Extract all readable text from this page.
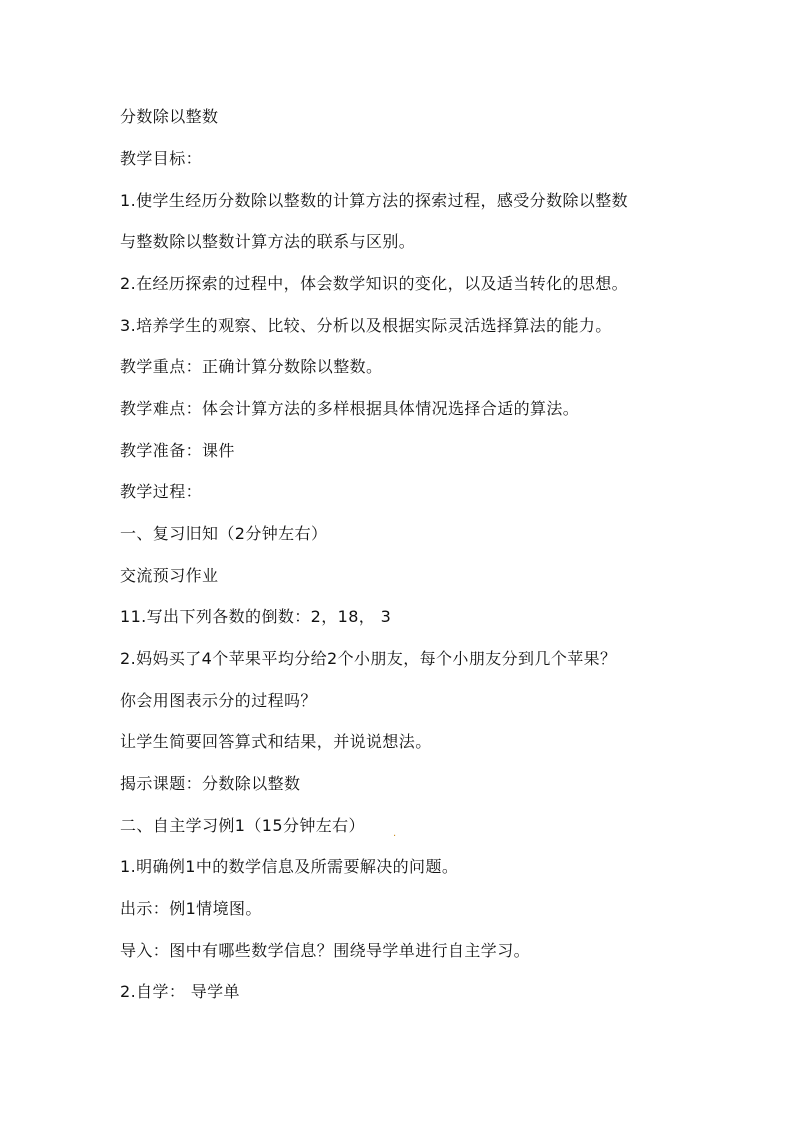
分数除以整数
教学目标：
1.使学生经历分数除以整数的计算方法的探索过程，感受分数除以整数
与整数除以整数计算方法的联系与区别。
2.在经历探索的过程中，体会数学知识的变化，以及适当转化的思想。
3.培养学生的观察、比较、分析以及根据实际灵活选择算法的能力。
教学重点：正确计算分数除以整数。
教学难点：体会计算方法的多样根据具体情况选择合适的算法。
教学准备：课件
教学过程：
一、复习旧知（2分钟左右）
交流预习作业
11.写出下列各数的倒数：2，18， 3
2.妈妈买了4个苹果平均分给2个小朋友，每个小朋友分到几个苹果？
你会用图表示分的过程吗？
让学生简要回答算式和结果，并说说想法。
揭示课题：分数除以整数
二、自主学习例1（15分钟左右）
1.明确例1中的数学信息及所需要解决的问题。
出示：例1情境图。
导入：图中有哪些数学信息？围绕导学单进行自主学习。
2.自学： 导学单
.
